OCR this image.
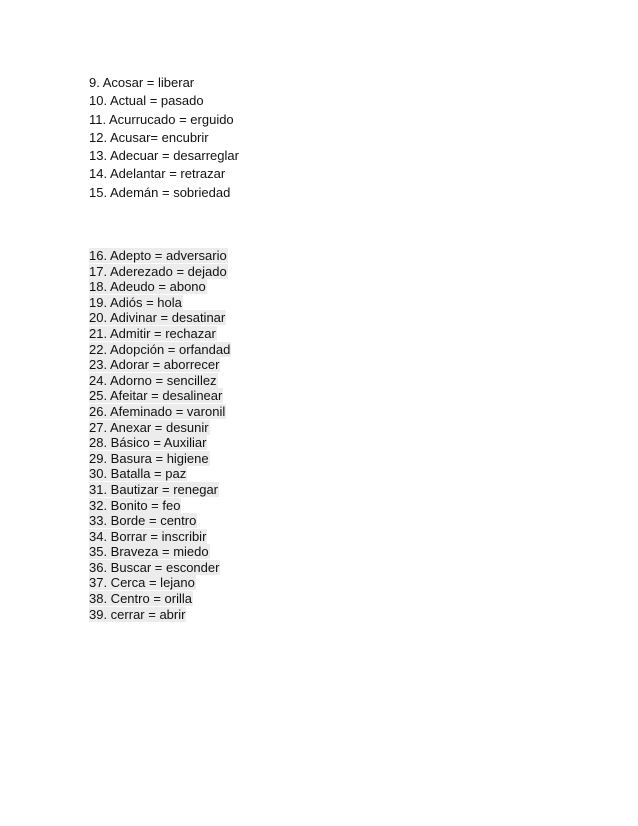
9. Acosar = liberar
10. Actual = pasado
11. Acurrucado = erguido
12. Acusar= encubrir
13. Adecuar = desarreglar
14. Adelantar = retrazar
15. Ademán = sobriedad
16. Adepto = adversario
17. Aderezado = dejado
18. Adeudo = abono
19. Adiós = hola
20. Adivinar = desatinar
21. Admitir = rechazar
22. Adopción = orfandad
23. Adorar = aborrecer
24. Adorno = sencillez
25. Afeitar = desalinear
26. Afeminado = varonil
27. Anexar = desunir
28. Básico = Auxiliar
29. Basura = higiene
30. Batalla = paz
31. Bautizar = renegar
32. Bonito = feo
33. Borde = centro
34. Borrar = inscribir
35. Braveza = miedo
36. Buscar = esconder
37. Cerca = lejano
38. Centro = orilla
39. cerrar = abrir
